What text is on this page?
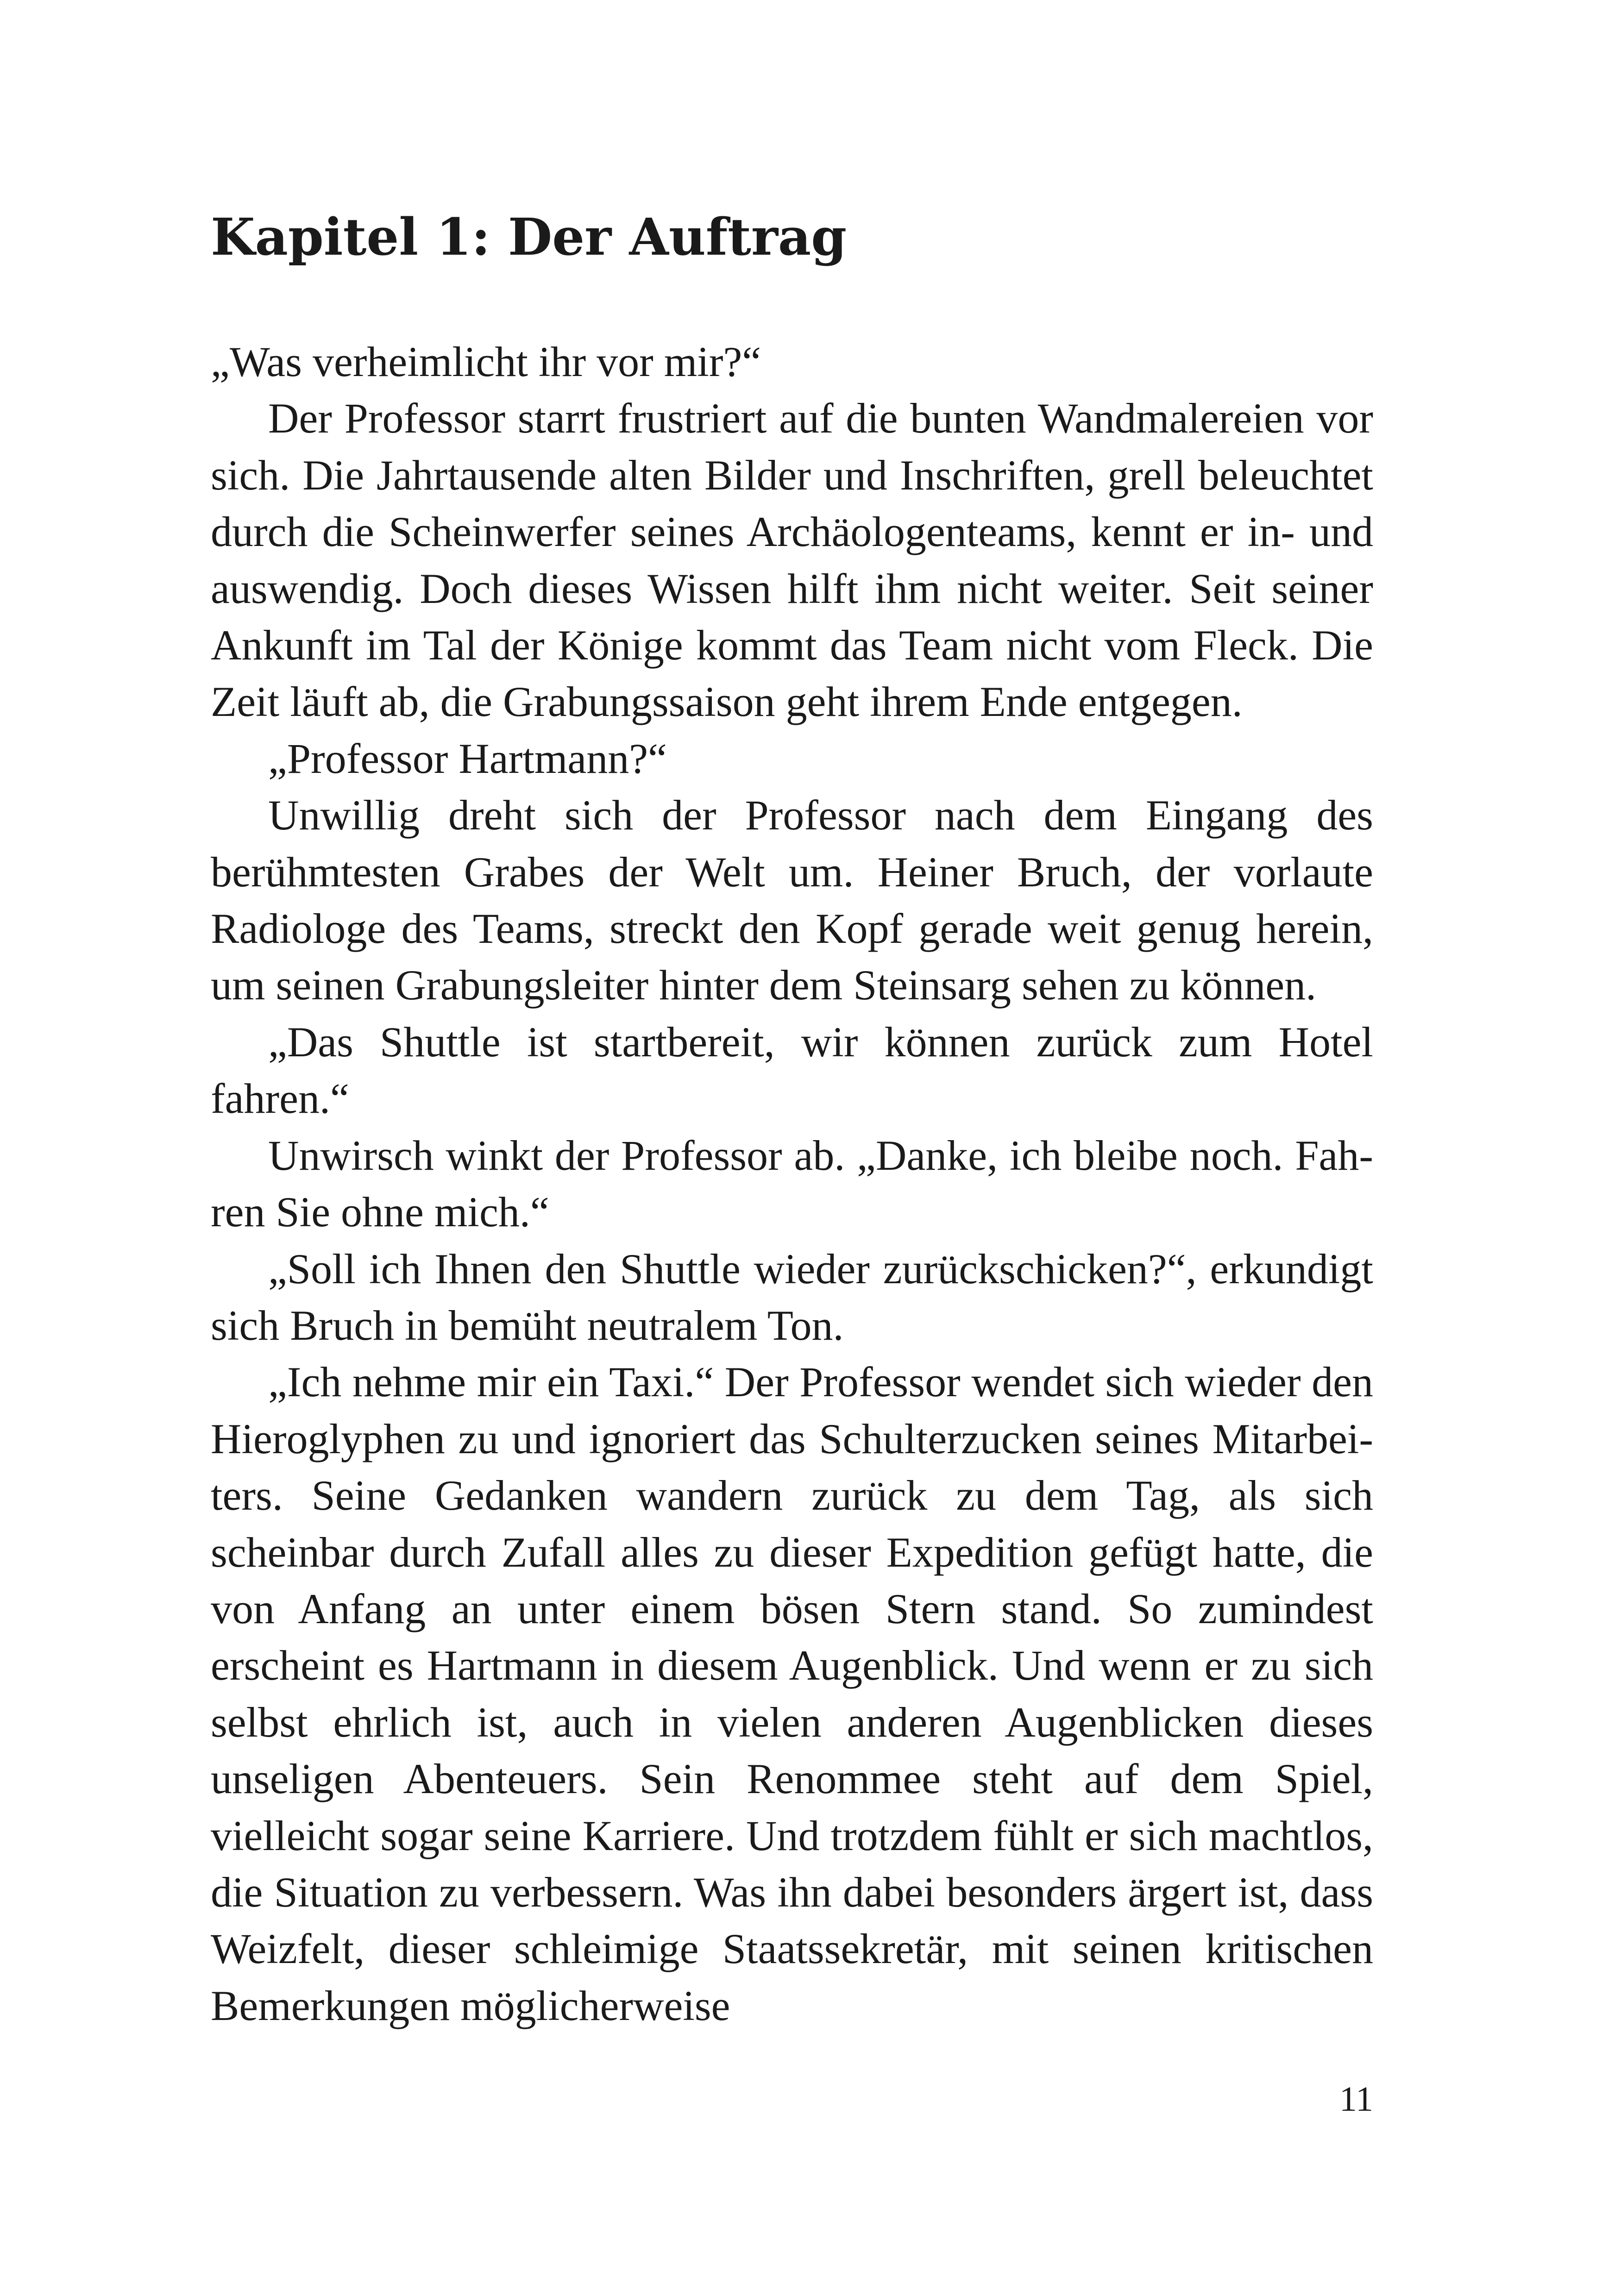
Kapitel 1: Der Auftrag

„Was verheimlicht ihr vor mir?“

Der Professor starrt frustriert auf die bunten Wandmalereien vor sich. Die Jahrtausende alten Bilder und Inschriften, grell beleuchtet durch die Scheinwerfer seines Archäologenteams, kennt er in- und auswendig. Doch dieses Wissen hilft ihm nicht weiter. Seit seiner Ankunft im Tal der Könige kommt das Team nicht vom Fleck. Die Zeit läuft ab, die Grabungssaison geht ihrem Ende entgegen.

„Professor Hartmann?“

Unwillig dreht sich der Professor nach dem Eingang des berühmtesten Grabes der Welt um. Heiner Bruch, der vorlaute Radiologe des Teams, streckt den Kopf gerade weit genug herein, um seinen Grabungsleiter hinter dem Steinsarg sehen zu können.

„Das Shuttle ist startbereit, wir können zurück zum Hotel fahren.“

Unwirsch winkt der Professor ab. „Danke, ich bleibe noch. Fahren Sie ohne mich.“

„Soll ich Ihnen den Shuttle wieder zurückschicken?“, erkundigt sich Bruch in bemüht neutralem Ton.

„Ich nehme mir ein Taxi.“ Der Professor wendet sich wieder den Hieroglyphen zu und ignoriert das Schulterzucken seines Mitarbeiters. Seine Gedanken wandern zurück zu dem Tag, als sich scheinbar durch Zufall alles zu dieser Expedition gefügt hatte, die von Anfang an unter einem bösen Stern stand. So zumindest erscheint es Hartmann in diesem Augenblick. Und wenn er zu sich selbst ehrlich ist, auch in vielen anderen Augenblicken dieses unseligen Abenteuers. Sein Renommee steht auf dem Spiel, vielleicht sogar seine Karriere. Und trotzdem fühlt er sich machtlos, die Situation zu verbessern. Was ihn dabei besonders ärgert ist, dass Weizfelt, dieser schleimige Staatssekretär, mit seinen kritischen Bemerkungen möglicherweise

11
